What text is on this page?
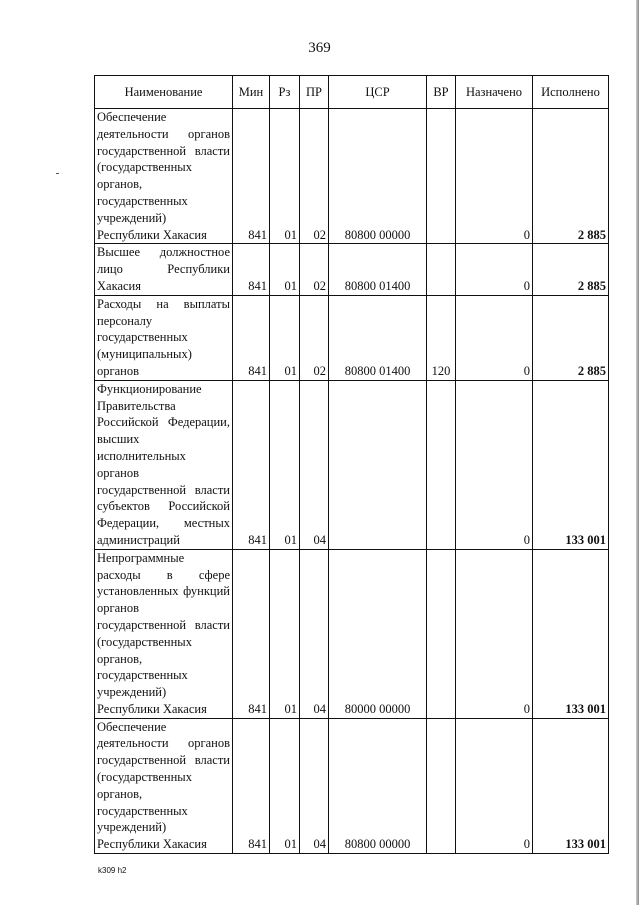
369
Наименование	Мин	Рз	ПР	ЦСР	ВР	Назначено	Исполнено
Обеспечение деятельности органов государственной власти (государственных органов, государственных учреждений) Республики Хакасия	841	01	02	80800 00000		0	2 885
Высшее должностное лицо Республики Хакасия	841	01	02	80800 01400		0	2 885
Расходы на выплаты персоналу государственных (муниципальных) органов	841	01	02	80800 01400	120	0	2 885
Функционирование Правительства Российской Федерации, высших исполнительных органов государственной власти субъектов Российской Федерации, местных администраций	841	01	04			0	133 001
Непрограммные расходы в сфере установленных функций органов государственной власти (государственных органов, государственных учреждений) Республики Хакасия	841	01	04	80000 00000		0	133 001
Обеспечение деятельности органов государственной власти (государственных органов, государственных учреждений) Республики Хакасия	841	01	04	80800 00000		0	133 001
k309 h2
